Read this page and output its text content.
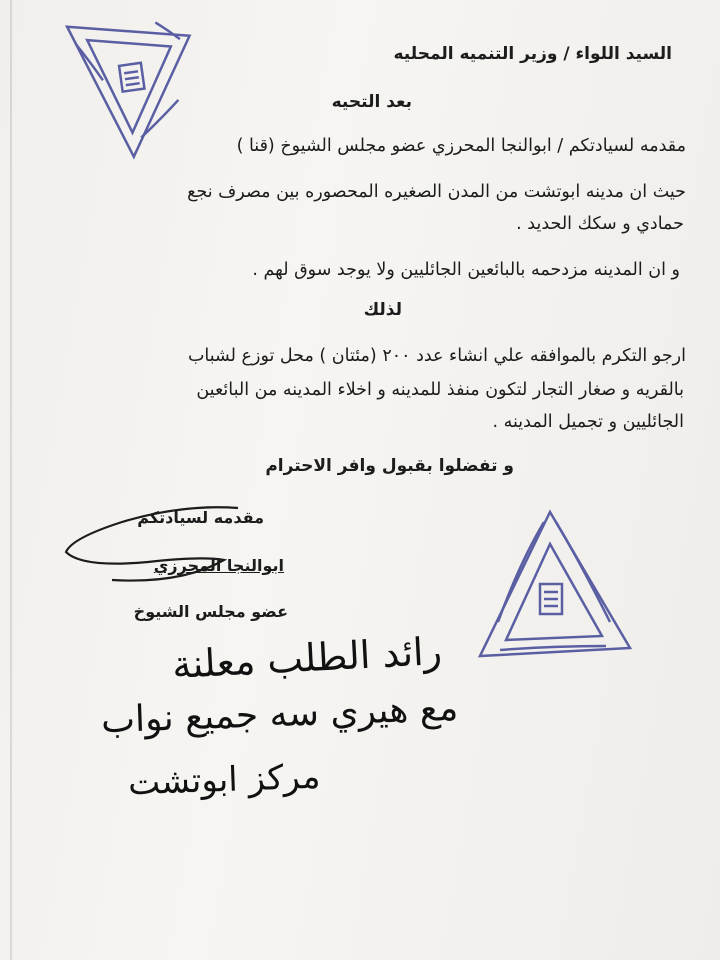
السيد اللواء / وزير التنميه المحليه
بعد التحيه
مقدمه لسيادتكم / ابوالنجا المحرزي عضو مجلس الشيوخ (قنا )
حيث ان مدينه ابوتشت من المدن الصغيره المحصوره بين مصرف نجع
حمادي و سكك الحديد .
و ان المدينه مزدحمه بالبائعين الجائليين ولا يوجد سوق لهم .
لذلك
ارجو التكرم بالموافقه علي انشاء عدد ٢٠٠ (مئتان ) محل توزع لشباب
بالقريه و صغار التجار لتكون منفذ للمدينه و اخلاء المدينه من البائعين
الجائليين و تجميل المدينه .
و تفضلوا بقبول وافر الاحترام
مقدمه لسيادتكم
ابوالنجا المحرزي
عضو مجلس الشيوخ
رائد الطلب معلنة
مع هيري سه جميع نواب
مركز ابوتشت
